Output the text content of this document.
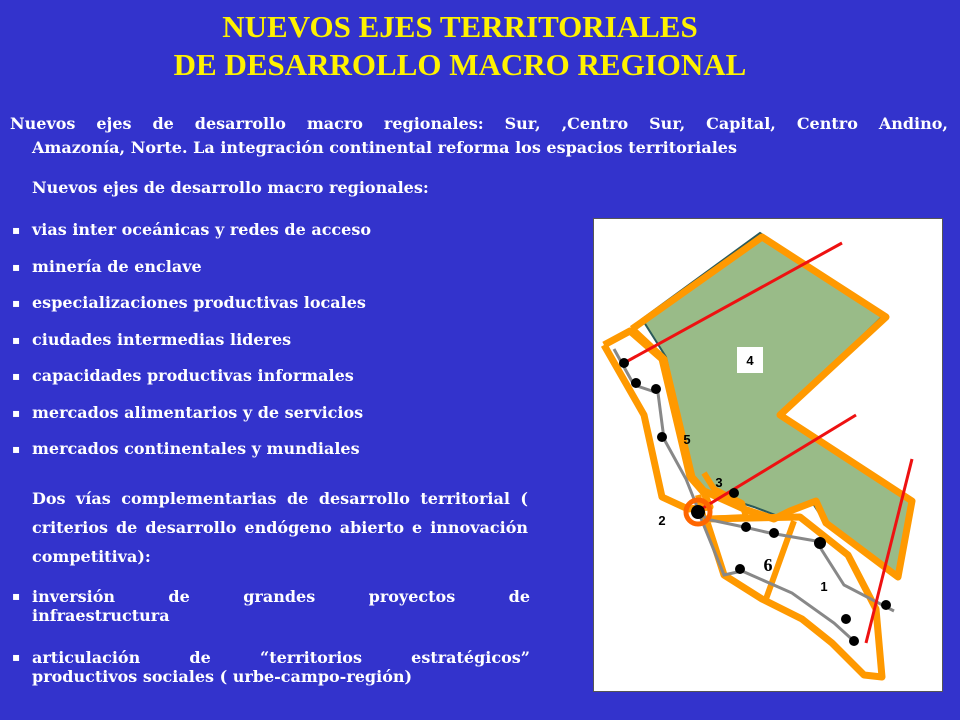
NUEVOS EJES TERRITORIALES
DE DESARROLLO MACRO REGIONAL
Nuevos ejes de desarrollo macro regionales: Sur, ,Centro Sur, Capital, Centro Andino,
Amazonía, Norte. La integración continental reforma los espacios territoriales
Nuevos ejes de desarrollo macro regionales:
▪ vias inter oceánicas y redes de acceso
▪ minería de enclave
▪ especializaciones productivas locales
▪ ciudades intermedias lideres
▪ capacidades productivas informales
▪ mercados alimentarios y de servicios
▪ mercados continentales y mundiales
Dos vías complementarias de desarrollo territorial ( criterios de desarrollo endógeno abierto e innovación competitiva):
▪ inversión de grandes proyectos de
infraestructura
▪ articulación de “territorios estratégicos”
productivos sociales ( urbe-campo-región)
4
5
3
2
6
1
